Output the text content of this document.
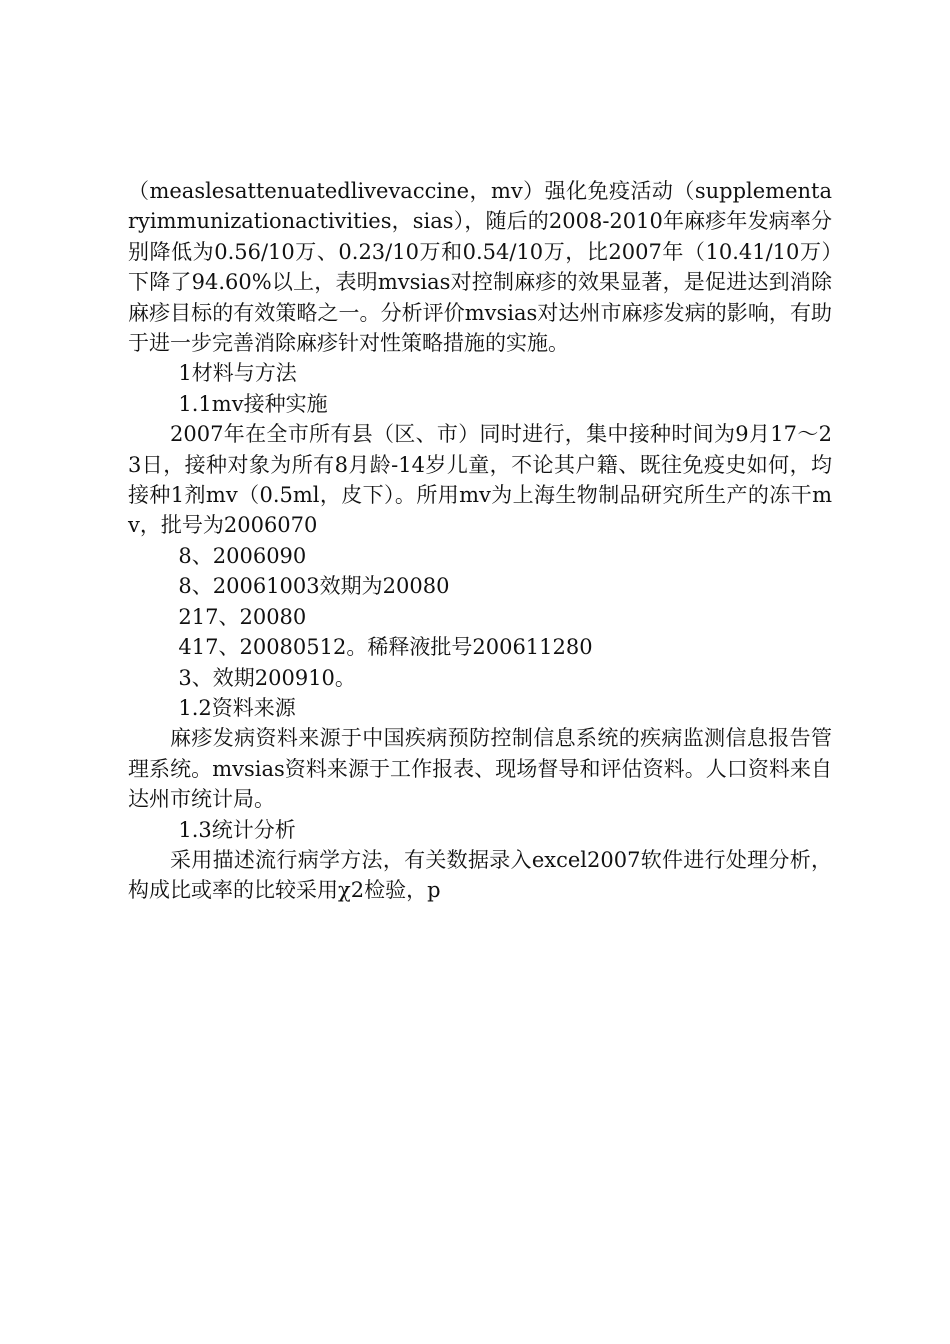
（measlesattenuatedlivevaccine，mv）强化免疫活动（supplementaryimmunizationactivities，sias），随后的2008-2010年麻疹年发病率分别降低为0.56/10万、0.23/10万和0.54/10万，比2007年（10.41/10万）下降了94.60%以上，表明mvsias对控制麻疹的效果显著，是促进达到消除麻疹目标的有效策略之一。分析评价mvsias对达州市麻疹发病的影响，有助于进一步完善消除麻疹针对性策略措施的实施。

1材料与方法

1.1mv接种实施

2007年在全市所有县（区、市）同时进行，集中接种时间为9月17～23日，接种对象为所有8月龄-14岁儿童，不论其户籍、既往免疫史如何，均接种1剂mv（0.5ml，皮下）。所用mv为上海生物制品研究所生产的冻干mv，批号为2006070

8、2006090

8、20061003效期为20080

217、20080

417、20080512。稀释液批号200611280

3、效期200910。

1.2资料来源

麻疹发病资料来源于中国疾病预防控制信息系统的疾病监测信息报告管理系统。mvsias资料来源于工作报表、现场督导和评估资料。人口资料来自达州市统计局。

1.3统计分析

采用描述流行病学方法，有关数据录入excel2007软件进行处理分析，构成比或率的比较采用χ2检验，p
